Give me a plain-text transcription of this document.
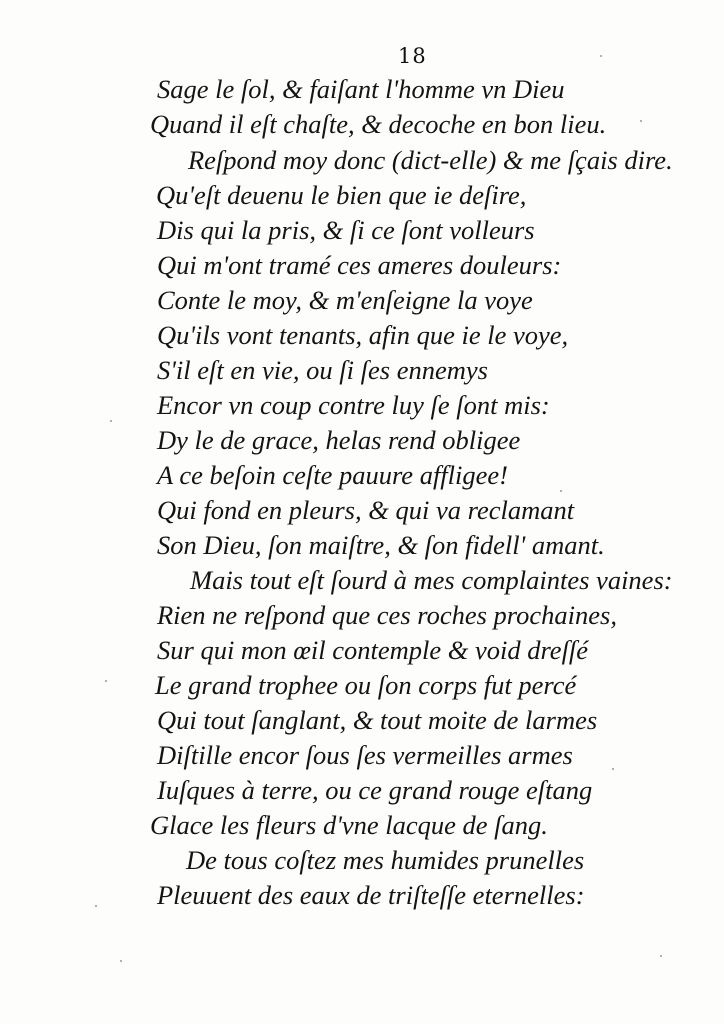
18
Sage le ſol, & faiſant l'homme vn Dieu
Quand il eſt chaſte, & decoche en bon lieu.
Reſpond moy donc (dict-elle) & me ſçais dire.
Qu'eſt deuenu le bien que ie deſire,
Dis qui la pris, & ſi ce ſont volleurs
Qui m'ont tramé ces ameres douleurs:
Conte le moy, & m'enſeigne la voye
Qu'ils vont tenants, afin que ie le voye,
S'il eſt en vie, ou ſi ſes ennemys
Encor vn coup contre luy ſe ſont mis:
Dy le de grace, helas rend obligee
A ce beſoin ceſte pauure affligee!
Qui fond en pleurs, & qui va reclamant
Son Dieu, ſon maiſtre, & ſon fidell' amant.
Mais tout eſt ſourd à mes complaintes vaines:
Rien ne reſpond que ces roches prochaines,
Sur qui mon œil contemple & void dreſſé
Le grand trophee ou ſon corps fut percé
Qui tout ſanglant, & tout moite de larmes
Diſtille encor ſous ſes vermeilles armes
Iuſques à terre, ou ce grand rouge eſtang
Glace les fleurs d'vne lacque de ſang.
De tous coſtez mes humides prunelles
Pleuuent des eaux de triſteſſe eternelles:
